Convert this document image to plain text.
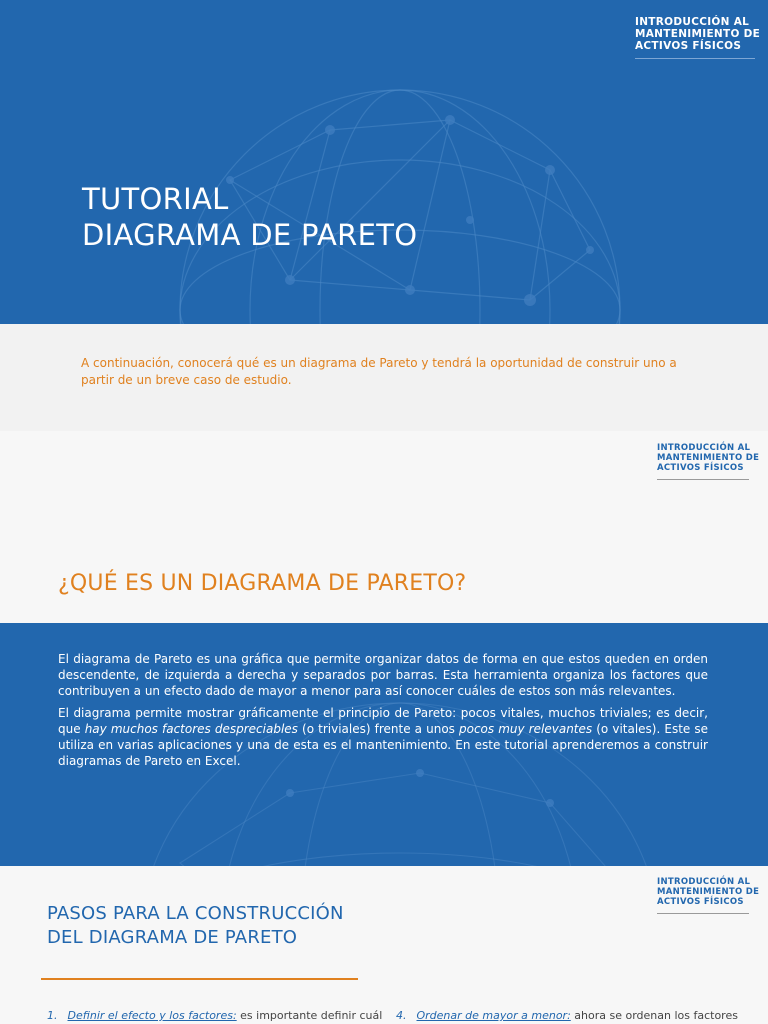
INTRODUCCIÓN AL
MANTENIMIENTO DE
ACTIVOS FÍSICOS
TUTORIAL
DIAGRAMA DE PARETO

A continuación, conocerá qué es un diagrama de Pareto y tendrá la oportunidad de construir uno a
partir de un breve caso de estudio.

INTRODUCCIÓN AL
MANTENIMIENTO DE
ACTIVOS FÍSICOS
¿QUÉ ES UN DIAGRAMA DE PARETO?

El diagrama de Pareto es una gráfica que permite organizar datos de forma en que estos queden en orden descendente, de izquierda a derecha y separados por barras. Esta herramienta organiza los factores que contribuyen a un efecto dado de mayor a menor para así conocer cuáles de estos son más relevantes.

El diagrama permite mostrar gráficamente el principio de Pareto: pocos vitales, muchos triviales; es decir, que hay muchos factores despreciables (o triviales) frente a unos pocos muy relevantes (o vitales). Este se utiliza en varias aplicaciones y una de esta es el mantenimiento. En este tutorial aprenderemos a construir diagramas de Pareto en Excel.

INTRODUCCIÓN AL
MANTENIMIENTO DE
ACTIVOS FÍSICOS
PASOS PARA LA CONSTRUCCIÓN
DEL DIAGRAMA DE PARETO
1. Definir el efecto y los factores: es importante definir cuál 4. Ordenar de mayor a menor: ahora se ordenan los factores
